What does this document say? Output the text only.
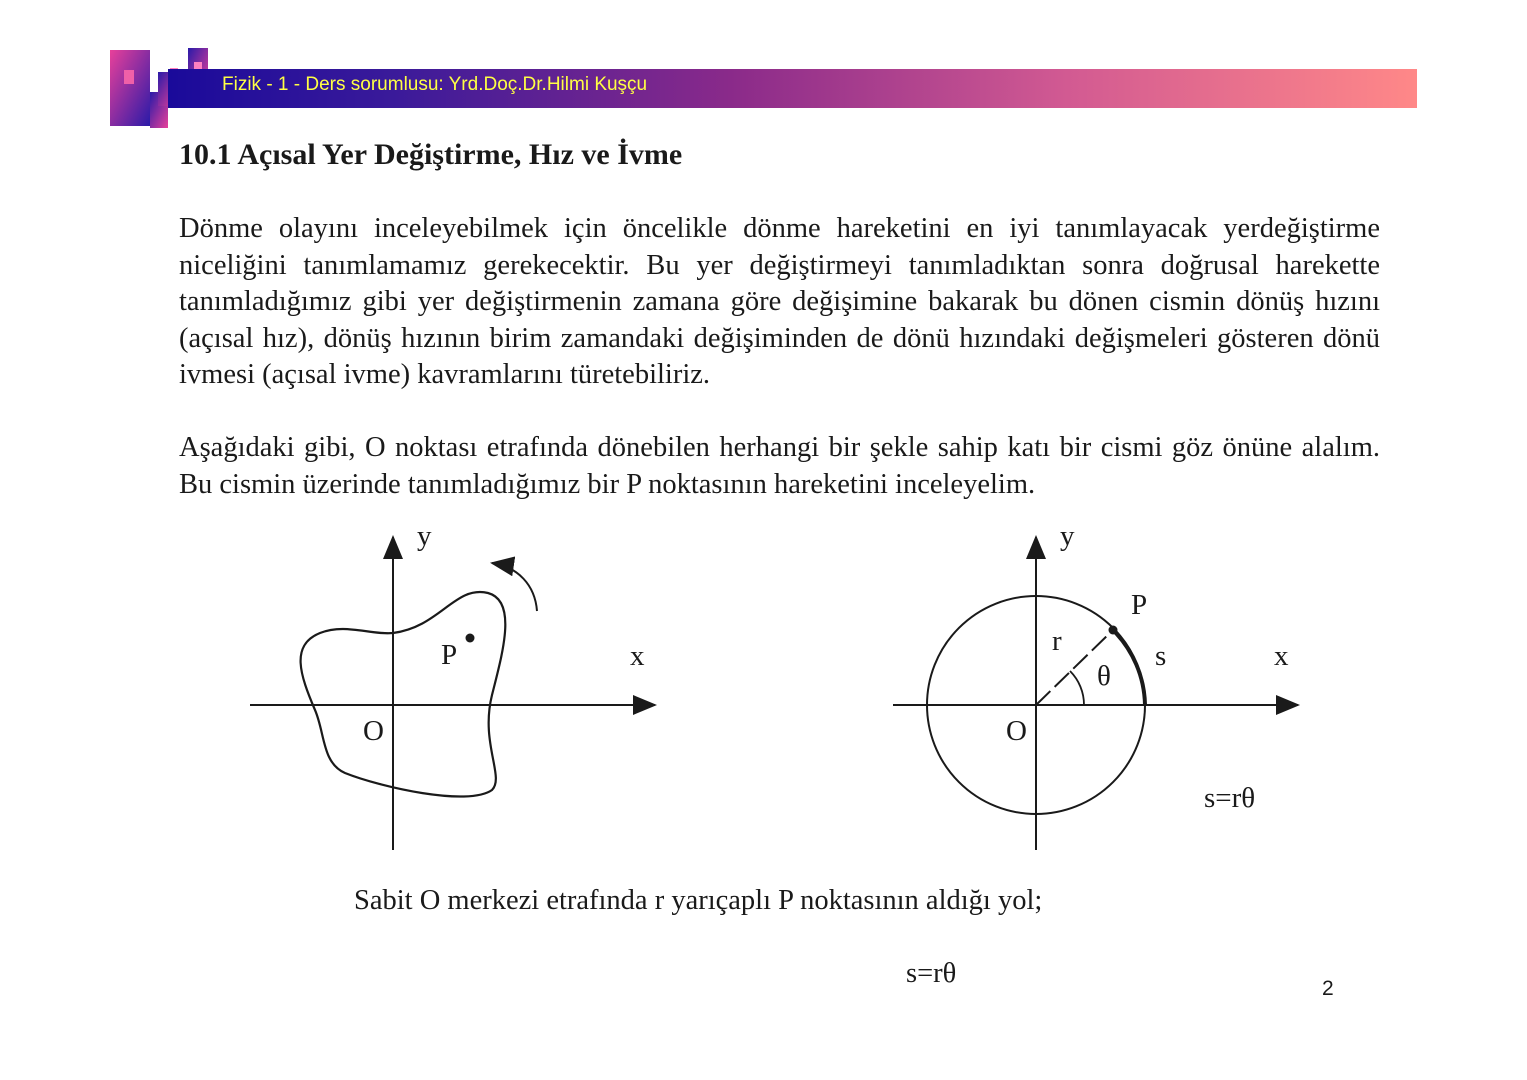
Fizik - 1 - Ders sorumlusu: Yrd.Doç.Dr.Hilmi Kuşçu
10.1 Açısal Yer Değiştirme, Hız ve İvme

Dönme olayını inceleyebilmek için öncelikle dönme hareketini en iyi tanımlayacak yerdeğiştirme niceliğini tanımlamamız gerekecektir. Bu yer değiştirmeyi tanımladıktan sonra doğrusal harekette tanımladığımız gibi yer değiştirmenin zamana göre değişimine bakarak bu dönen cismin dönüş hızını (açısal hız), dönüş hızının birim zamandaki değişiminden de dönü hızındaki değişmeleri gösteren dönü ivmesi (açısal ivme) kavramlarını türetebiliriz.

Aşağıdaki gibi, O noktası etrafında dönebilen herhangi bir şekle sahip katı bir cismi göz önüne alalım. Bu cismin üzerinde tanımladığımız bir P noktasının hareketini inceleyelim.

y
x
O
P
y
x
O
P
r
θ
s
s=rθ
Sabit O merkezi etrafında r yarıçaplı P noktasının aldığı yol;
s=rθ	2
